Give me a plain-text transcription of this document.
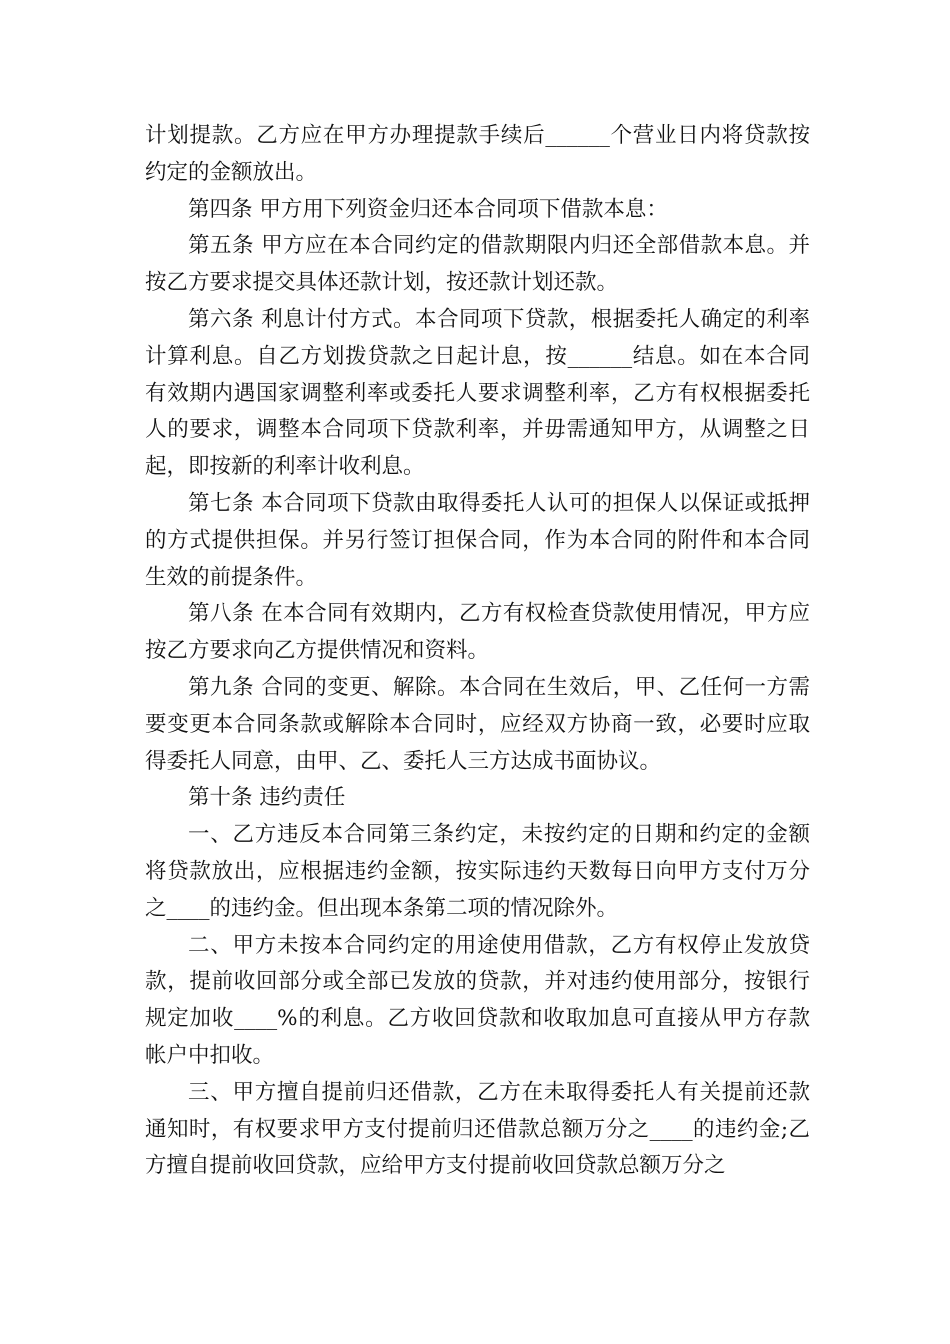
计划提款。乙方应在甲方办理提款手续后______个营业日内将贷款按约定的金额放出。

第四条 甲方用下列资金归还本合同项下借款本息：

第五条 甲方应在本合同约定的借款期限内归还全部借款本息。并按乙方要求提交具体还款计划，按还款计划还款。

第六条 利息计付方式。本合同项下贷款，根据委托人确定的利率计算利息。自乙方划拨贷款之日起计息，按______结息。如在本合同有效期内遇国家调整利率或委托人要求调整利率，乙方有权根据委托人的要求，调整本合同项下贷款利率，并毋需通知甲方，从调整之日起，即按新的利率计收利息。

第七条 本合同项下贷款由取得委托人认可的担保人以保证或抵押的方式提供担保。并另行签订担保合同，作为本合同的附件和本合同生效的前提条件。

第八条 在本合同有效期内，乙方有权检查贷款使用情况，甲方应按乙方要求向乙方提供情况和资料。

第九条 合同的变更、解除。本合同在生效后，甲、乙任何一方需要变更本合同条款或解除本合同时，应经双方协商一致，必要时应取得委托人同意，由甲、乙、委托人三方达成书面协议。

第十条 违约责任

一、乙方违反本合同第三条约定，未按约定的日期和约定的金额将贷款放出，应根据违约金额，按实际违约天数每日向甲方支付万分之____的违约金。但出现本条第二项的情况除外。

二、甲方未按本合同约定的用途使用借款，乙方有权停止发放贷款，提前收回部分或全部已发放的贷款，并对违约使用部分，按银行规定加收____%的利息。乙方收回贷款和收取加息可直接从甲方存款帐户中扣收。

三、甲方擅自提前归还借款，乙方在未取得委托人有关提前还款通知时，有权要求甲方支付提前归还借款总额万分之____的违约金;乙方擅自提前收回贷款，应给甲方支付提前收回贷款总额万分之
